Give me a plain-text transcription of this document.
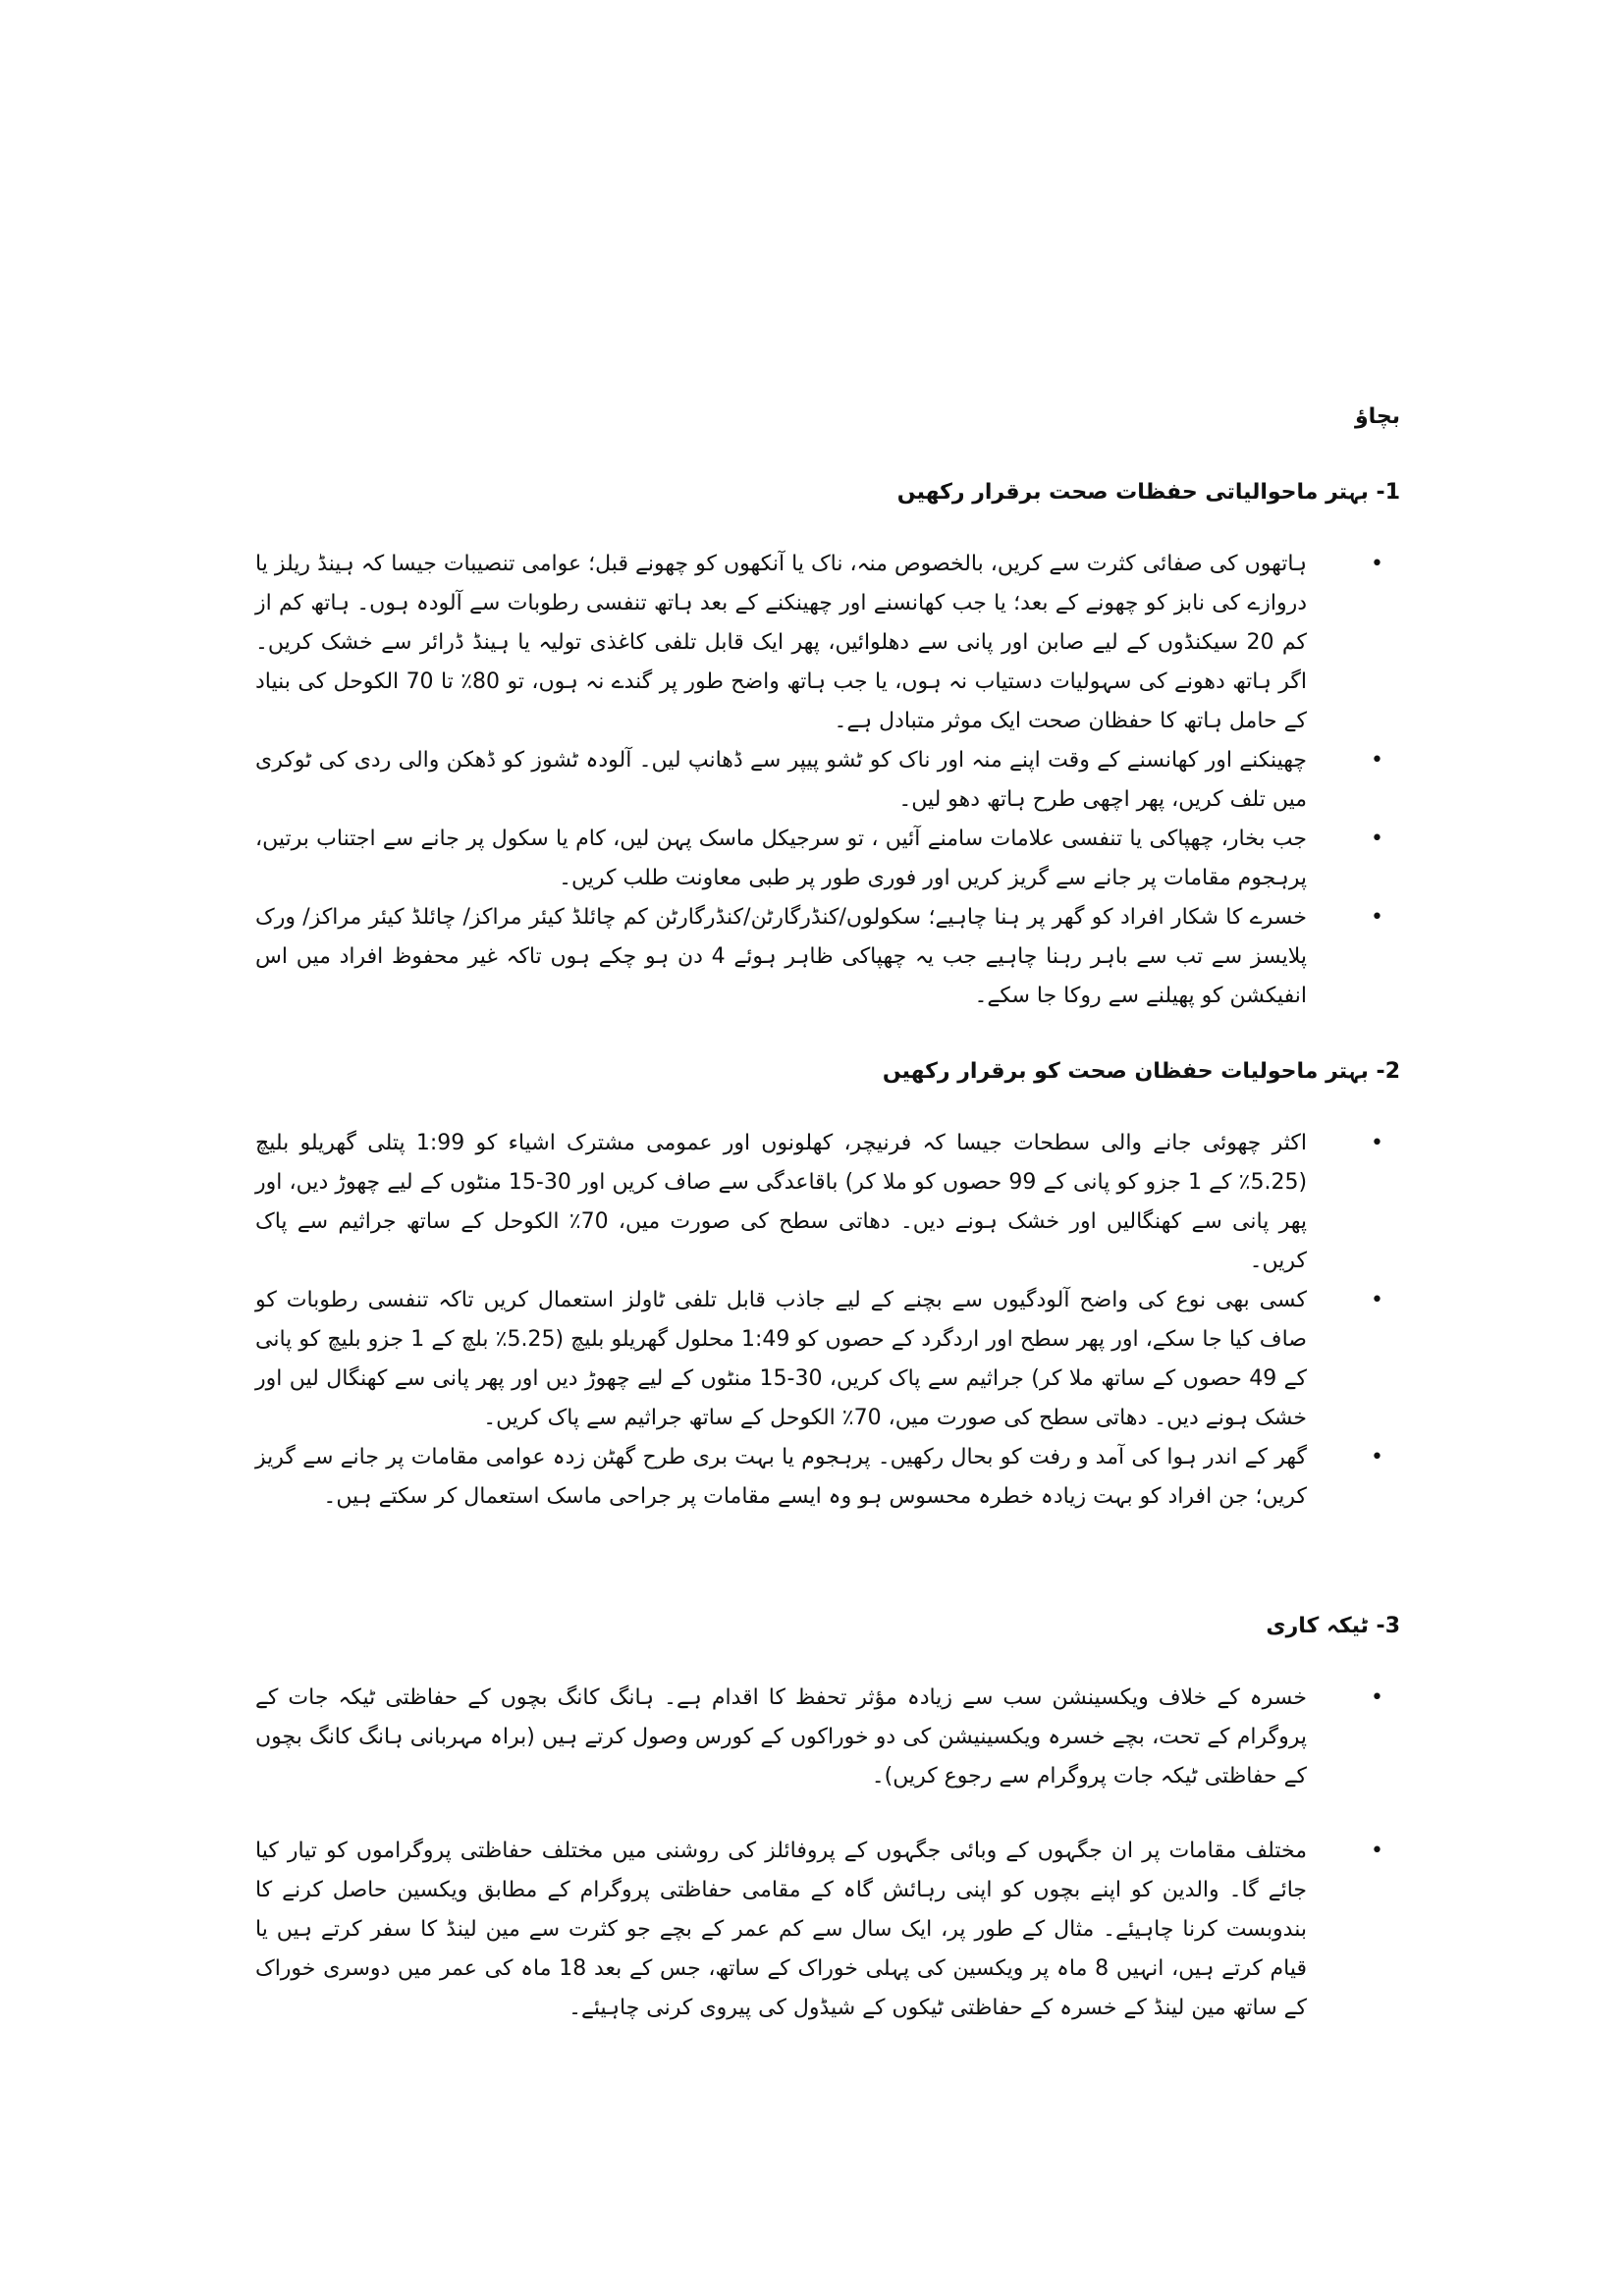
بچاؤ
1- بہتر ماحوالیاتی حفظات صحت برقرار رکھیں
•
ہاتھوں کی صفائی کثرت سے کریں، بالخصوص منہ، ناک یا آنکھوں کو چھونے قبل؛ عوامی تنصیبات جیسا کہ ہینڈ ریلز یا دروازے کی نابز کو چھونے کے بعد؛ یا جب کھانسنے اور چھینکنے کے بعد ہاتھ تنفسی رطوبات سے آلودہ ہوں۔ ہاتھ کم از کم 20 سیکنڈوں کے لیے صابن اور پانی سے دھلوائیں، پھر ایک قابل تلفی کاغذی تولیہ یا ہینڈ ڈرائر سے خشک کریں۔ اگر ہاتھ دھونے کی سہولیات دستیاب نہ ہوں، یا جب ہاتھ واضح طور پر گندے نہ ہوں، تو 80٪ تا 70 الکوحل کی بنیاد کے حامل ہاتھ کا حفظان صحت ایک موثر متبادل ہے۔
•
چھینکنے اور کھانسنے کے وقت اپنے منہ اور ناک کو ٹشو پیپر سے ڈھانپ لیں۔ آلودہ ٹشوز کو ڈھکن والی ردی کی ٹوکری میں تلف کریں، پھر اچھی طرح ہاتھ دھو لیں۔
•
جب بخار، چھپاکی یا تنفسی علامات سامنے آئیں ، تو سرجیکل ماسک پہن لیں، کام یا سکول پر جانے سے اجتناب برتیں، پرہجوم مقامات پر جانے سے گریز کریں اور فوری طور پر طبی معاونت طلب کریں۔
•
خسرے کا شکار افراد کو گھر پر ہنا چاہیے؛ سکولوں/کنڈرگارٹن/کنڈرگارٹن کم چائلڈ کیئر مراکز/ چائلڈ کیئر مراکز/ ورک پلایسز سے تب سے باہر رہنا چاہیے جب یہ چھپاکی ظاہر ہوئے 4 دن ہو چکے ہوں تاکہ غیر محفوظ افراد میں اس انفیکشن کو پھیلنے سے روکا جا سکے۔
2- بہتر ماحولیات حفظان صحت کو برقرار رکھیں
•
اکثر چھوئی جانے والی سطحات جیسا کہ فرنیچر، کھلونوں اور عمومی مشترک اشیاء کو 1:99 پتلی گھریلو بلیچ (5.25٪ کے 1 جزو کو پانی کے 99 حصوں کو ملا کر) باقاعدگی سے صاف کریں اور 30-15 منٹوں کے لیے چھوڑ دیں، اور پھر پانی سے کھنگالیں اور خشک ہونے دیں۔ دھاتی سطح کی صورت میں، 70٪ الکوحل کے ساتھ جراثیم سے پاک کریں۔
•
کسی بھی نوع کی واضح آلودگیوں سے بچنے کے لیے جاذب قابل تلفی ٹاولز استعمال کریں تاکہ تنفسی رطوبات کو صاف کیا جا سکے، اور پھر سطح اور اردگرد کے حصوں کو 1:49 محلول گھریلو بلیچ (5.25٪ بلچ کے 1 جزو بلیچ کو پانی کے 49 حصوں کے ساتھ ملا کر) جراثیم سے پاک کریں، 30-15 منٹوں کے لیے چھوڑ دیں اور پھر پانی سے کھنگال لیں اور خشک ہونے دیں۔ دھاتی سطح کی صورت میں، 70٪ الکوحل کے ساتھ جراثیم سے پاک کریں۔
•
گھر کے اندر ہوا کی آمد و رفت کو بحال رکھیں۔ پرہجوم یا بہت بری طرح گھٹن زدہ عوامی مقامات پر جانے سے گریز کریں؛ جن افراد کو بہت زیادہ خطرہ محسوس ہو وہ ایسے مقامات پر جراحی ماسک استعمال کر سکتے ہیں۔
3- ٹیکہ کاری
•
خسرہ کے خلاف ویکسینشن سب سے زیادہ مؤثر تحفظ کا اقدام ہے۔ ہانگ کانگ بچوں کے حفاظتی ٹیکہ جات کے پروگرام کے تحت، بچے خسرہ ویکسینیشن کی دو خوراکوں کے کورس وصول کرتے ہیں (براہ مہربانی ہانگ کانگ بچوں کے حفاظتی ٹیکہ جات پروگرام سے رجوع کریں)۔
•
مختلف مقامات پر ان جگہوں کے وبائی جگہوں کے پروفائلز کی روشنی میں مختلف حفاظتی پروگراموں کو تیار کیا جائے گا۔ والدین کو اپنے بچوں کو اپنی رہائش گاہ کے مقامی حفاظتی پروگرام کے مطابق ویکسین حاصل کرنے کا بندوبست کرنا چاہیئے۔ مثال کے طور پر، ایک سال سے کم عمر کے بچے جو کثرت سے مین لینڈ کا سفر کرتے ہیں یا قیام کرتے ہیں، انہیں 8 ماہ پر ویکسین کی پہلی خوراک کے ساتھ، جس کے بعد 18 ماہ کی عمر میں دوسری خوراک کے ساتھ مین لینڈ کے خسرہ کے حفاظتی ٹیکوں کے شیڈول کی پیروی کرنی چاہیئے۔
